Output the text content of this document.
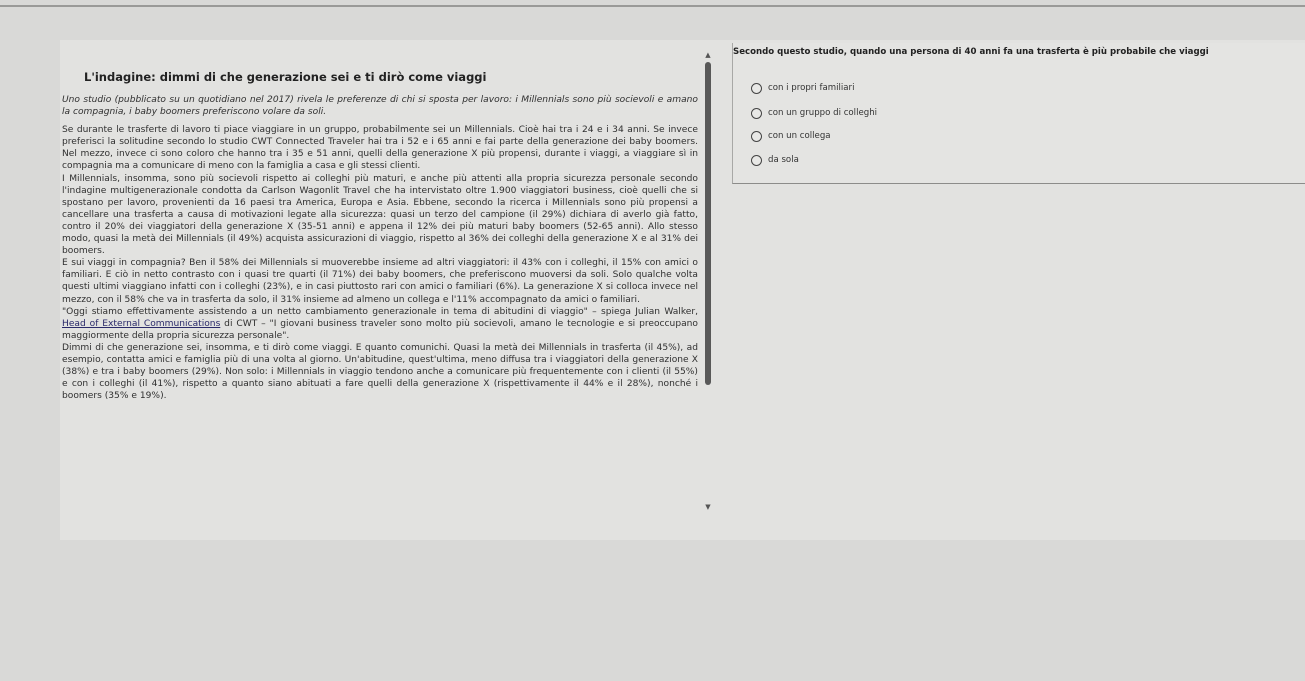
L'indagine: dimmi di che generazione sei e ti dirò come viaggi

Uno studio (pubblicato su un quotidiano nel 2017) rivela le preferenze di chi si sposta per lavoro: i Millennials sono più socievoli e amano la compagnia, i baby boomers preferiscono volare da soli.

Se durante le trasferte di lavoro ti piace viaggiare in un gruppo, probabilmente sei un Millennials. Cioè hai tra i 24 e i 34 anni. Se invece preferisci la solitudine secondo lo studio CWT Connected Traveler hai tra i 52 e i 65 anni e fai parte della generazione dei baby boomers. Nel mezzo, invece ci sono coloro che hanno tra i 35 e 51 anni, quelli della generazione X più propensi, durante i viaggi, a viaggiare sì in compagnia ma a comunicare di meno con la famiglia a casa e gli stessi clienti.

I Millennials, insomma, sono più socievoli rispetto ai colleghi più maturi, e anche più attenti alla propria sicurezza personale secondo l'indagine multigenerazionale condotta da Carlson Wagonlit Travel che ha intervistato oltre 1.900 viaggiatori business, cioè quelli che si spostano per lavoro, provenienti da 16 paesi tra America, Europa e Asia. Ebbene, secondo la ricerca i Millennials sono più propensi a cancellare una trasferta a causa di motivazioni legate alla sicurezza: quasi un terzo del campione (il 29%) dichiara di averlo già fatto, contro il 20% dei viaggiatori della generazione X (35-51 anni) e appena il 12% dei più maturi baby boomers (52-65 anni). Allo stesso modo, quasi la metà dei Millennials (il 49%) acquista assicurazioni di viaggio, rispetto al 36% dei colleghi della generazione X e al 31% dei boomers.

E sui viaggi in compagnia? Ben il 58% dei Millennials si muoverebbe insieme ad altri viaggiatori: il 43% con i colleghi, il 15% con amici o familiari. E ciò in netto contrasto con i quasi tre quarti (il 71%) dei baby boomers, che preferiscono muoversi da soli. Solo qualche volta questi ultimi viaggiano infatti con i colleghi (23%), e in casi piuttosto rari con amici o familiari (6%). La generazione X si colloca invece nel mezzo, con il 58% che va in trasferta da solo, il 31% insieme ad almeno un collega e l'11% accompagnato da amici o familiari.

"Oggi stiamo effettivamente assistendo a un netto cambiamento generazionale in tema di abitudini di viaggio" – spiega Julian Walker, Head of External Communications di CWT – "I giovani business traveler sono molto più socievoli, amano le tecnologie e si preoccupano maggiormente della propria sicurezza personale".

Dimmi di che generazione sei, insomma, e ti dirò come viaggi. E quanto comunichi. Quasi la metà dei Millennials in trasferta (il 45%), ad esempio, contatta amici e famiglia più di una volta al giorno. Un'abitudine, quest'ultima, meno diffusa tra i viaggiatori della generazione X (38%) e tra i baby boomers (29%). Non solo: i Millennials in viaggio tendono anche a comunicare più frequentemente con i clienti (il 55%) e con i colleghi (il 41%), rispetto a quanto siano abituati a fare quelli della generazione X (rispettivamente il 44% e il 28%), nonché i boomers (35% e 19%).

▲
▼
Secondo questo studio, quando una persona di 40 anni fa una trasferta è più probabile che viaggi
con i propri familiari
con un gruppo di colleghi
con un collega
da sola
